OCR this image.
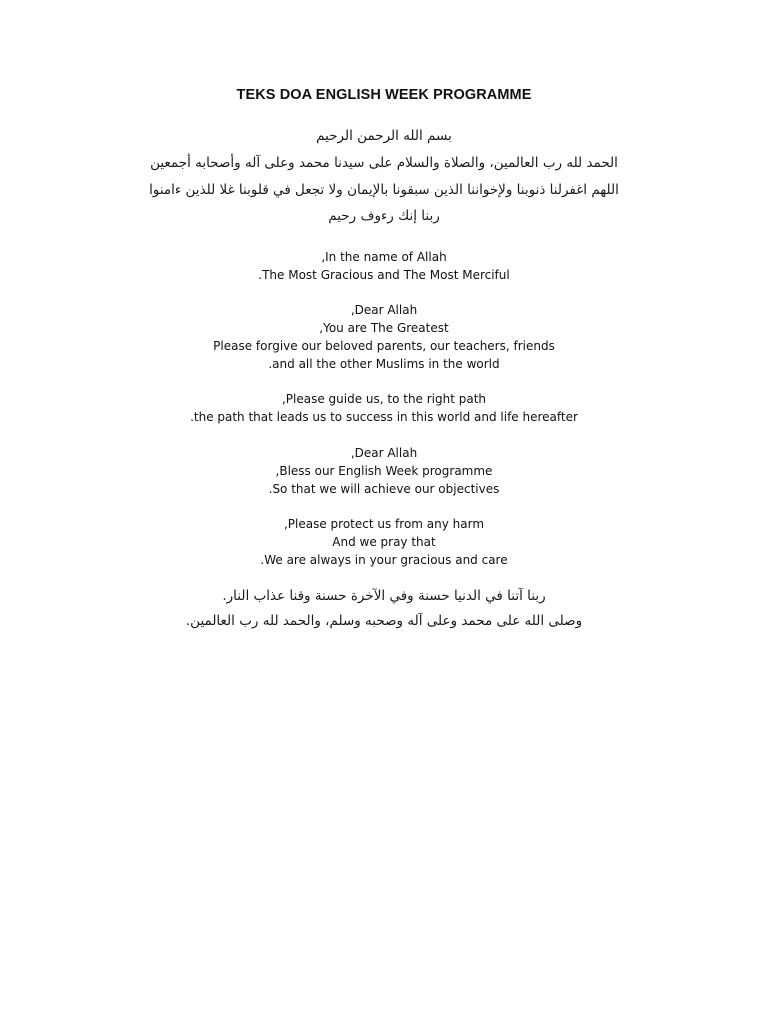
TEKS DOA ENGLISH WEEK PROGRAMME
بسم الله الرحمن الرحيم
الحمد لله رب العالمين، والصلاة والسلام على سيدنا محمد وعلى آله وأصحابه أجمعين
اللهم اغفرلنا ذنوبنا ولإخواننا الذين سبقونا بالإيمان ولا تجعل في قلوبنا غلا للذين ءامنوا
ربنا إنك رءوف رحيم
,In the name of Allah
.The Most Gracious and The Most Merciful
,Dear Allah
,You are The Greatest
Please forgive our beloved parents, our teachers, friends
.and all the other Muslims in the world
,Please guide us, to the right path
.the path that leads us to success in this world and life hereafter
,Dear Allah
,Bless our English Week programme
.So that we will achieve our objectives
,Please protect us from any harm
And we pray that
.We are always in your gracious and care
ربنا آتنا في الدنيا حسنة وفي الآخرة حسنة وقنا عذاب النار.
وصلى الله على محمد وعلى آله وصحبه وسلم، والحمد لله رب العالمين.
